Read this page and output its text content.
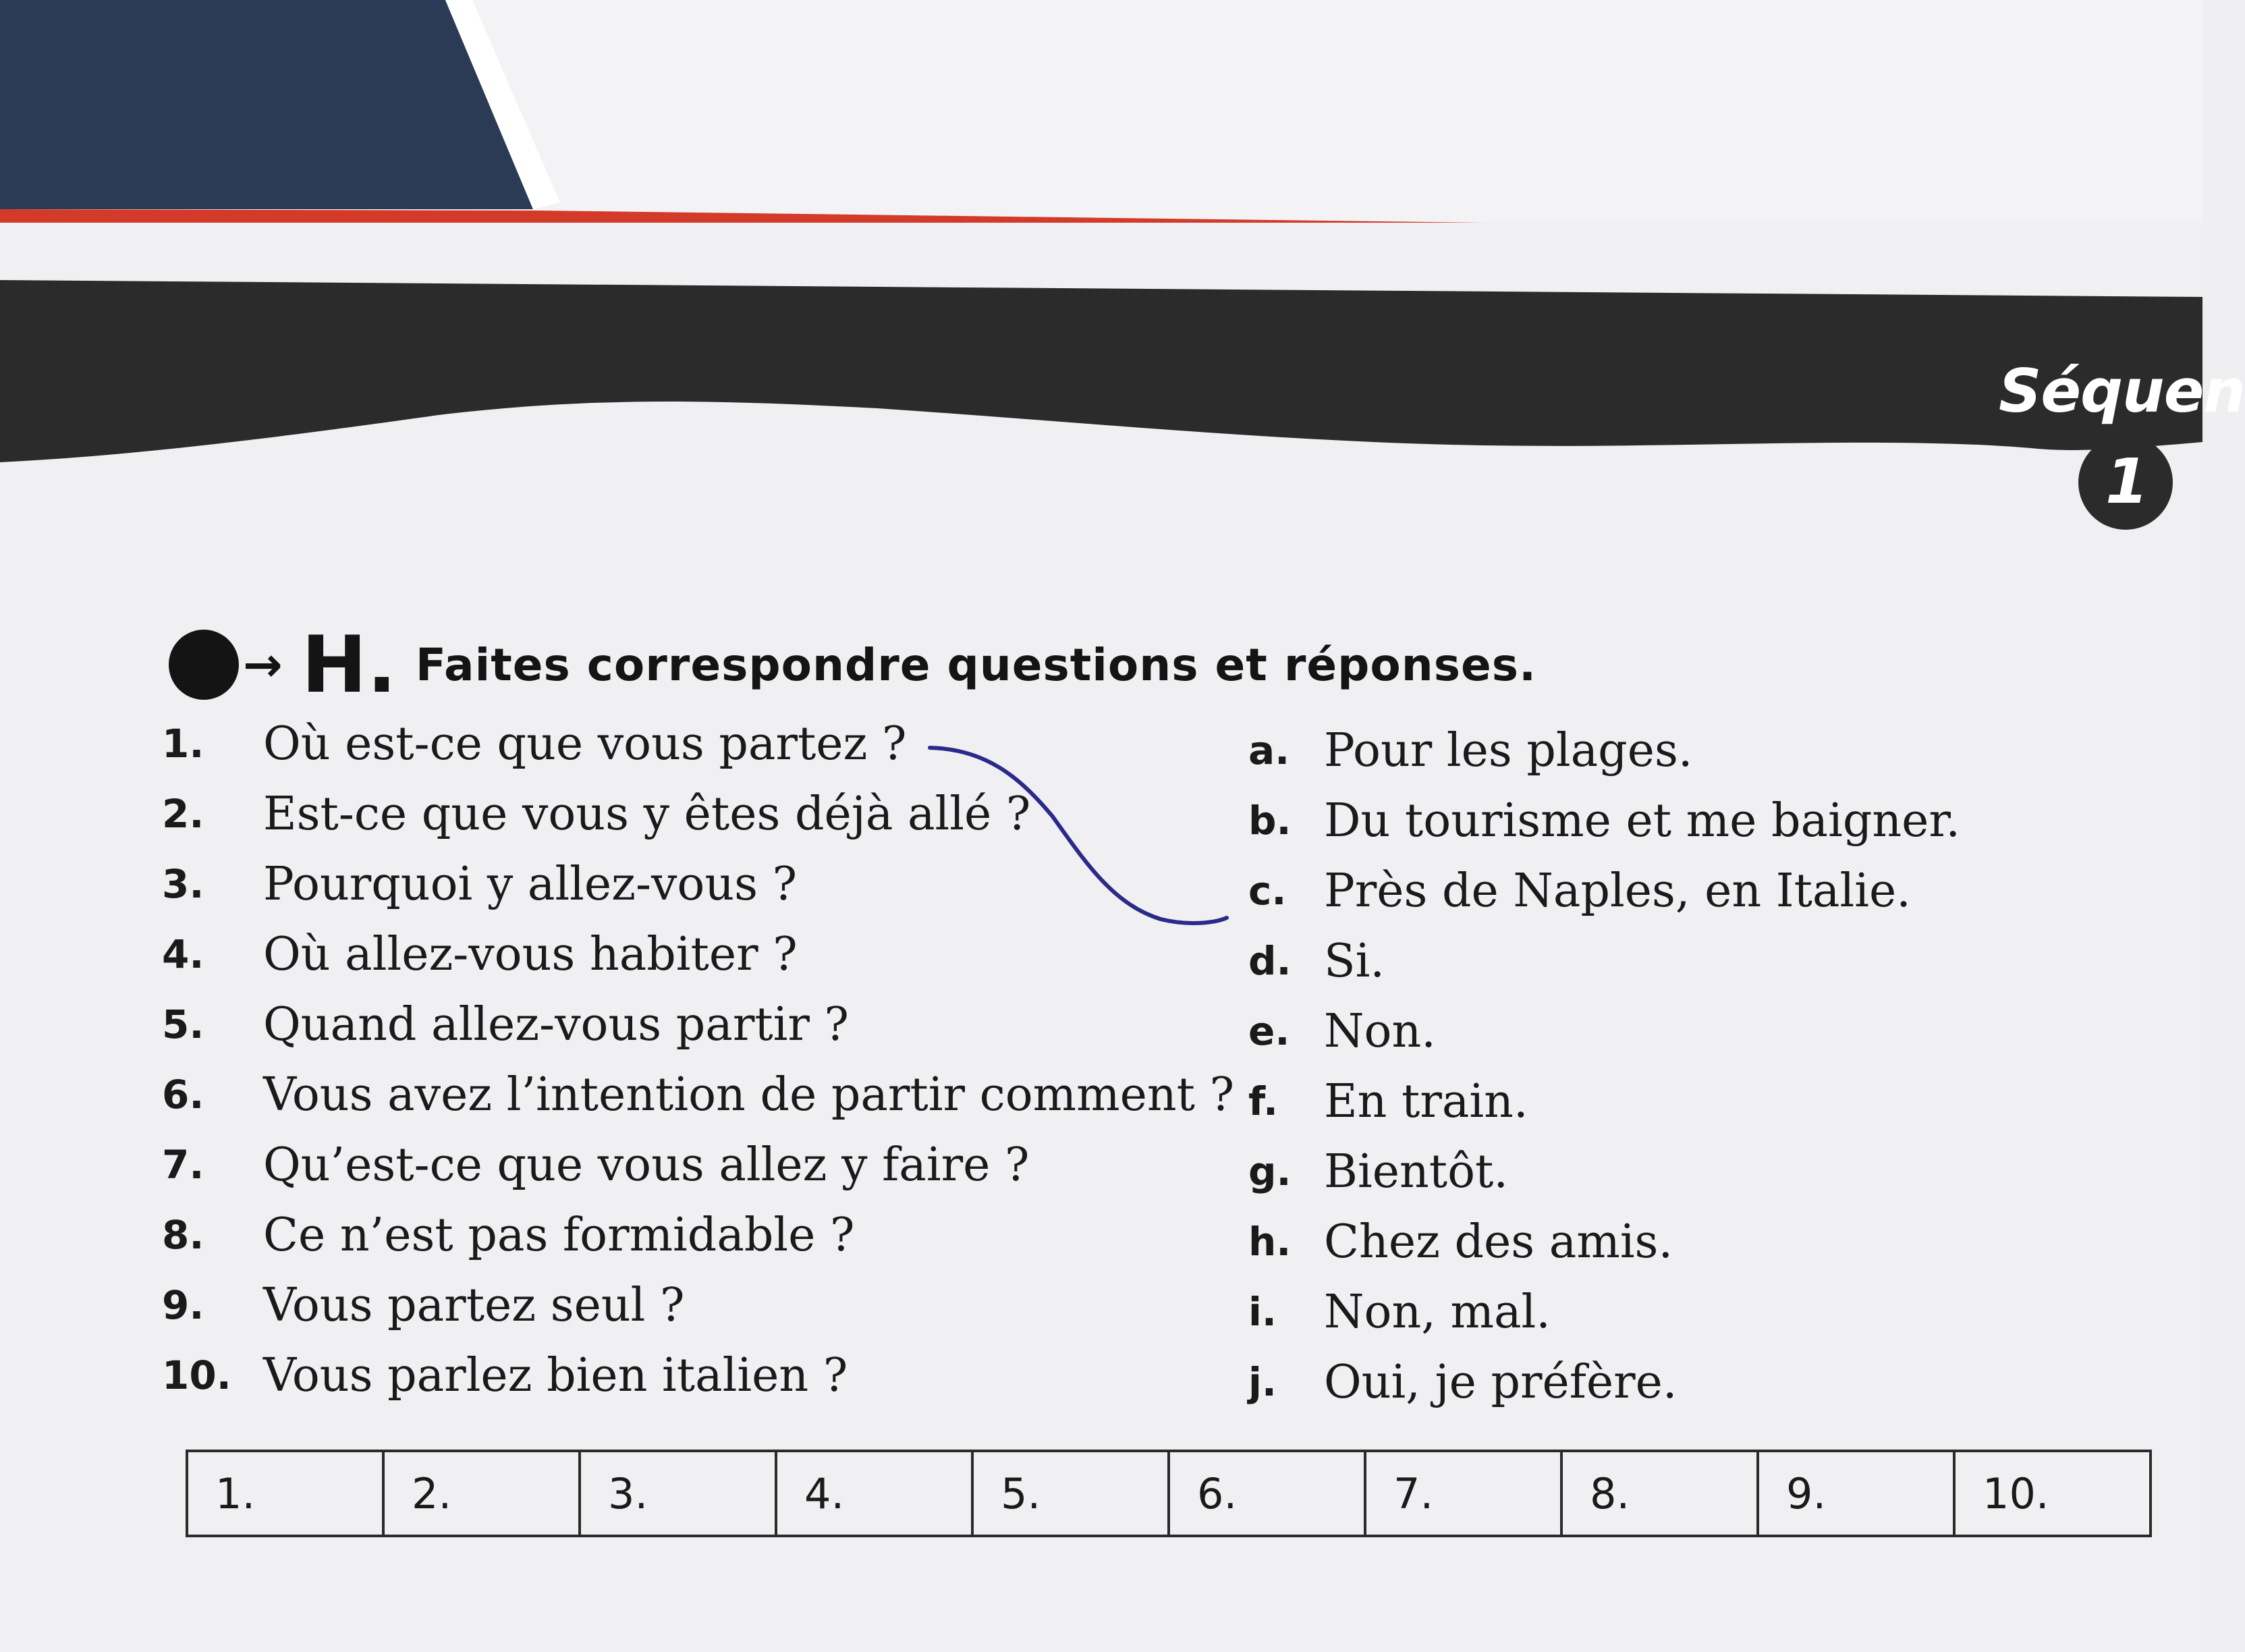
Séquen
1
→ H. Faites correspondre questions et réponses.
1.	Où est-ce que vous partez ?
2.	Est-ce que vous y êtes déjà allé ?
3.	Pourquoi y allez-vous ?
4.	Où allez-vous habiter ?
5.	Quand allez-vous partir ?
6.	Vous avez l’intention de partir comment ?
7.	Qu’est-ce que vous allez y faire ?
8.	Ce n’est pas formidable ?
9.	Vous partez seul ?
10. Vous parlez bien italien ?
a. Pour les plages.
b. Du tourisme et me baigner.
c. Près de Naples, en Italie.
d. Si.
e. Non.
f. En train.
g. Bientôt.
h. Chez des amis.
i.	Non, mal.
j.	Oui, je préfère.
1.	2.	3.	4.	5.	6.	7.	8.	9.	10.
